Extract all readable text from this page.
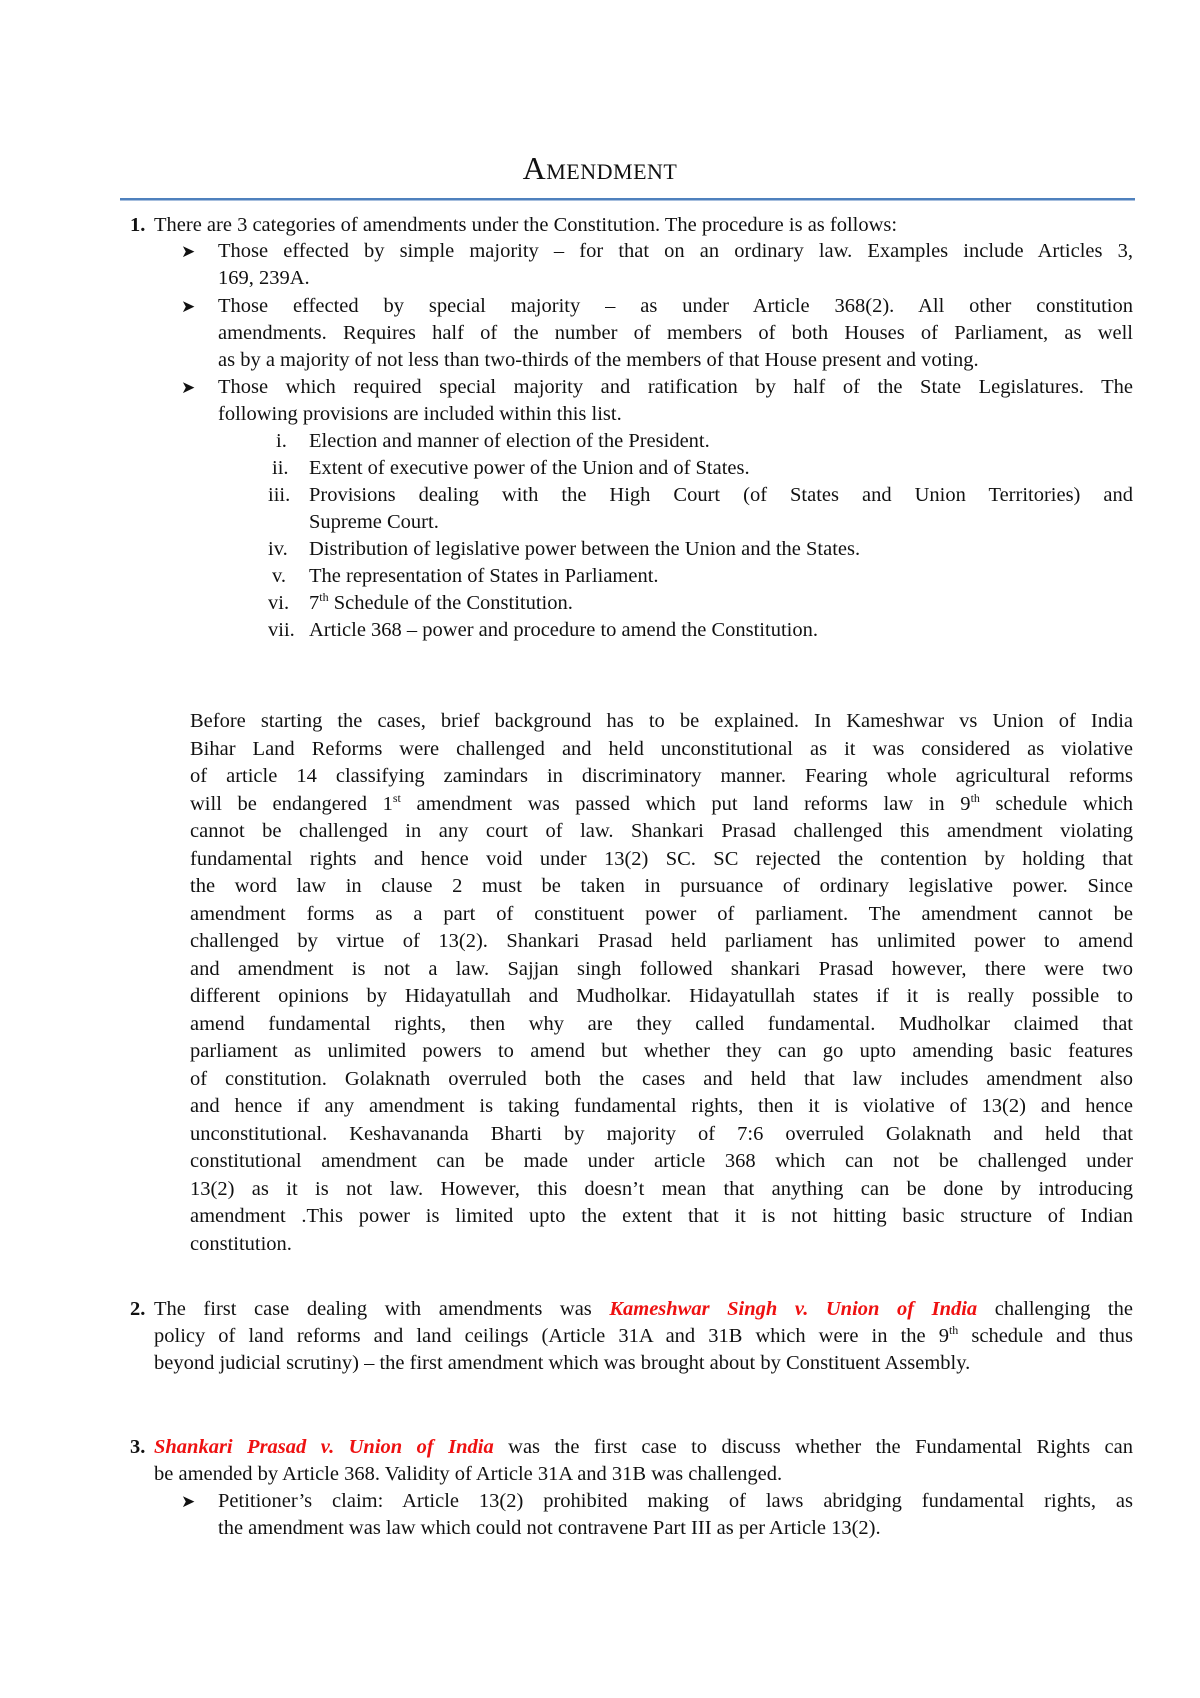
Amendment
1. There are 3 categories of amendments under the Constitution. The procedure is as follows:
➤ Those effected by simple majority – for that on an ordinary law. Examples include Articles 3,
169, 239A.
➤ Those effected by special majority – as under Article 368(2). All other constitution
amendments. Requires half of the number of members of both Houses of Parliament, as well
as by a majority of not less than two-thirds of the members of that House present and voting.
➤ Those which required special majority and ratification by half of the State Legislatures. The
following provisions are included within this list.
i. Election and manner of election of the President.
ii. Extent of executive power of the Union and of States.
iii. Provisions dealing with the High Court (of States and Union Territories) and
Supreme Court.
iv. Distribution of legislative power between the Union and the States.
v. The representation of States in Parliament.
vi. 7th Schedule of the Constitution.
vii. Article 368 – power and procedure to amend the Constitution.
Before starting the cases, brief background has to be explained. In Kameshwar vs Union of India
Bihar Land Reforms were challenged and held unconstitutional as it was considered as violative
of article 14 classifying zamindars in discriminatory manner. Fearing whole agricultural reforms
will be endangered 1st amendment was passed which put land reforms law in 9th schedule which
cannot be challenged in any court of law. Shankari Prasad challenged this amendment violating
fundamental rights and hence void under 13(2) SC. SC rejected the contention by holding that
the word law in clause 2 must be taken in pursuance of ordinary legislative power. Since
amendment forms as a part of constituent power of parliament. The amendment cannot be
challenged by virtue of 13(2). Shankari Prasad held parliament has unlimited power to amend
and amendment is not a law. Sajjan singh followed shankari Prasad however, there were two
different opinions by Hidayatullah and Mudholkar. Hidayatullah states if it is really possible to
amend fundamental rights, then why are they called fundamental. Mudholkar claimed that
parliament as unlimited powers to amend but whether they can go upto amending basic features
of constitution. Golaknath overruled both the cases and held that law includes amendment also
and hence if any amendment is taking fundamental rights, then it is violative of 13(2) and hence
unconstitutional. Keshavananda Bharti by majority of 7:6 overruled Golaknath and held that
constitutional amendment can be made under article 368 which can not be challenged under
13(2) as it is not law. However, this doesn’t mean that anything can be done by introducing
amendment .This power is limited upto the extent that it is not hitting basic structure of Indian
constitution.
2. The first case dealing with amendments was Kameshwar Singh v. Union of India challenging the
policy of land reforms and land ceilings (Article 31A and 31B which were in the 9th schedule and thus
beyond judicial scrutiny) – the first amendment which was brought about by Constituent Assembly.
3. Shankari Prasad v. Union of India was the first case to discuss whether the Fundamental Rights can
be amended by Article 368. Validity of Article 31A and 31B was challenged.
➤ Petitioner’s claim: Article 13(2) prohibited making of laws abridging fundamental rights, as
the amendment was law which could not contravene Part III as per Article 13(2).
